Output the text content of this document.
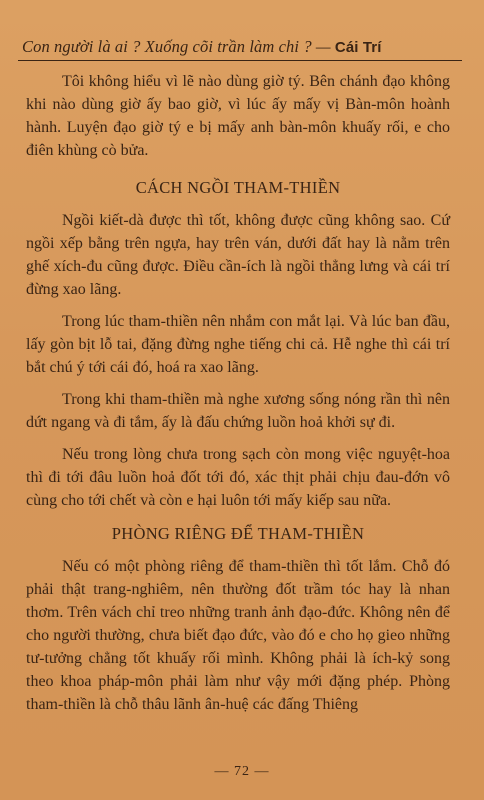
Con người là ai ? Xuống cõi trần làm chi ? — Cái Trí

Tôi không hiểu vì lẽ nào dùng giờ tý. Bên chánh đạo không khi nào dùng giờ ấy bao giờ, vì lúc ấy mấy vị Bàn-môn hoành hành. Luyện đạo giờ tý e bị mấy anh bàn-môn khuấy rối, e cho điên khùng cò bửa.

CÁCH NGỒI THAM-THIỀN

Ngồi kiết-dà được thì tốt, không được cũng không sao. Cứ ngồi xếp bằng trên ngựa, hay trên ván, dưới đất hay là nằm trên ghế xích-đu cũng được. Điều cần-ích là ngồi thẳng lưng và cái trí đừng xao lãng.

Trong lúc tham-thiền nên nhắm con mắt lại. Và lúc ban đầu, lấy gòn bịt lỗ tai, đặng đừng nghe tiếng chi cả. Hễ nghe thì cái trí bắt chú ý tới cái đó, hoá ra xao lãng.

Trong khi tham-thiền mà nghe xương sống nóng rần thì nên dứt ngang và đi tắm, ấy là đấu chứng luồn hoả khởi sự đi.

Nếu trong lòng chưa trong sạch còn mong việc nguyệt-hoa thì đi tới đâu luồn hoả đốt tới đó, xác thịt phải chịu đau-đớn vô cùng cho tới chết và còn e hại luôn tới mấy kiếp sau nữa.

PHÒNG RIÊNG ĐỂ THAM-THIỀN

Nếu có một phòng riêng để tham-thiền thì tốt lắm. Chỗ đó phải thật trang-nghiêm, nên thường đốt trầm tóc hay là nhan thơm. Trên vách chỉ treo những tranh ảnh đạo-đức. Không nên để cho người thường, chưa biết đạo đức, vào đó e cho họ gieo những tư-tưởng chẳng tốt khuấy rối mình. Không phải là ích-kỷ song theo khoa pháp-môn phải làm như vậy mới đặng phép. Phòng tham-thiền là chỗ thâu lãnh ân-huệ các đấng Thiêng

— 72 —
